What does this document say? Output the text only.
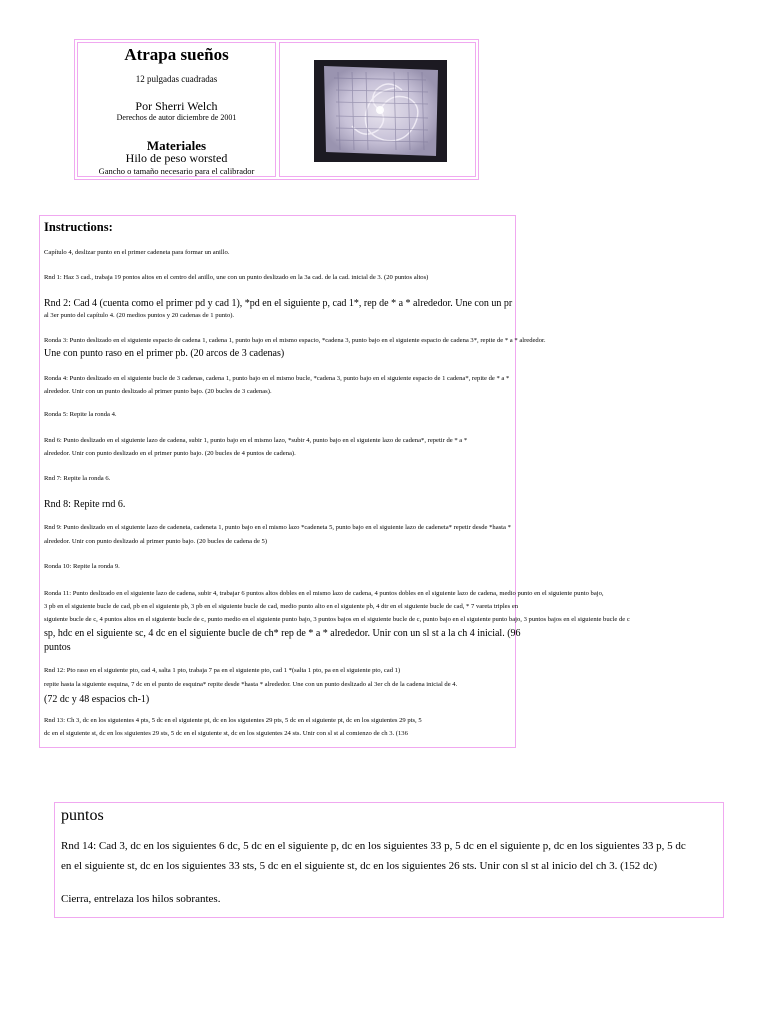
Atrapa sueños
12 pulgadas cuadradas
Por Sherri Welch
Derechos de autor diciembre de 2001
Materiales
Hilo de peso worsted
Gancho o tamaño necesario para el calibrador
Instructions:
Capítulo 4, deslizar punto en el primer cadeneta para formar un anillo.
Rnd 1: Haz 3 cad., trabaja 19 pontos altos en el centro del anillo, une con un punto deslizado en la 3a cad. de la cad. inicial de 3. (20 puntos altos)
Rnd 2: Cad 4 (cuenta como el primer pd y cad 1), *pd en el siguiente p, cad 1*, rep de * a * alrededor. Une con un pr
al 3er punto del capítulo 4. (20 medios puntos y 20 cadenas de 1 punto).
Ronda 3: Punto deslizado en el siguiente espacio de cadena 1, cadena 1, punto bajo en el mismo espacio, *cadena 3, punto bajo en el siguiente espacio de cadena 3*, repite de * a * alrededor.
Une con punto raso en el primer pb. (20 arcos de 3 cadenas)
Ronda 4: Punto deslizado en el siguiente bucle de 3 cadenas, cadena 1, punto bajo en el mismo bucle, *cadena 3, punto bajo en el siguiente espacio de 1 cadena*, repite de * a *
alrededor. Unir con un punto deslizado al primer punto bajo. (20 bucles de 3 cadenas).
Ronda 5: Repite la ronda 4.
Rnd 6: Punto deslizado en el siguiente lazo de cadena, subir 1, punto bajo en el mismo lazo, *subir 4, punto bajo en el siguiente lazo de cadena*, repetir de * a *
alrededor. Unir con punto deslizado en el primer punto bajo. (20 bucles de 4 puntos de cadena).
Rnd 7: Repite la ronda 6.
Rnd 8: Repite rnd 6.
Rnd 9: Punto deslizado en el siguiente lazo de cadeneta, cadeneta 1, punto bajo en el mismo lazo *cadeneta 5, punto bajo en el siguiente lazo de cadeneta* repetir desde *hasta *
alrededor. Unir con punto deslizado al primer punto bajo. (20 bucles de cadena de 5)
Ronda 10: Repite la ronda 9.
Ronda 11: Punto deslizado en el siguiente lazo de cadena, subir 4, trabajar 6 puntos altos dobles en el mismo lazo de cadena, 4 puntos dobles en el siguiente lazo de cadena, medio punto en el siguiente punto bajo,
3 pb en el siguiente bucle de cad, pb en el siguiente pb, 3 pb en el siguiente bucle de cad, medio punto alto en el siguiente pb, 4 dtr en el siguiente bucle de cad, * 7 vareta triples en
siguiente bucle de c, 4 puntos altos en el siguiente bucle de c, punto medio en el siguiente punto bajo, 3 puntos bajos en el siguiente bucle de c, punto bajo en el siguiente punto bajo, 3 puntos bajos en el siguiente bucle de c
sp, hdc en el siguiente sc, 4 dc en el siguiente bucle de ch* rep de * a * alrededor. Unir con un sl st a la ch 4 inicial. (96
puntos
Rnd 12: Pto raso en el siguiente pto, cad 4, salta 1 pto, trabaja 7 pa en el siguiente pto, cad 1 *(salta 1 pto, pa en el siguiente pto, cad 1)
repite hasta la siguiente esquina, 7 dc en el punto de esquina* repite desde *hasta * alrededor. Une con un punto deslizado al 3er ch de la cadena inicial de 4.
(72 dc y 48 espacios ch-1)
Rnd 13: Ch 3, dc en los siguientes 4 pts, 5 dc en el siguiente pt, dc en los siguientes 29 pts, 5 dc en el siguiente pt, dc en los siguientes 29 pts, 5
dc en el siguiente st, dc en los siguientes 29 sts, 5 dc en el siguiente st, dc en los siguientes 24 sts. Unir con sl st al comienzo de ch 3. (136
puntos
Rnd 14: Cad 3, dc en los siguientes 6 dc, 5 dc en el siguiente p, dc en los siguientes 33 p, 5 dc en el siguiente p, dc en los siguientes 33 p, 5 dc
en el siguiente st, dc en los siguientes 33 sts, 5 dc en el siguiente st, dc en los siguientes 26 sts. Unir con sl st al inicio del ch 3. (152 dc)
Cierra, entrelaza los hilos sobrantes.
